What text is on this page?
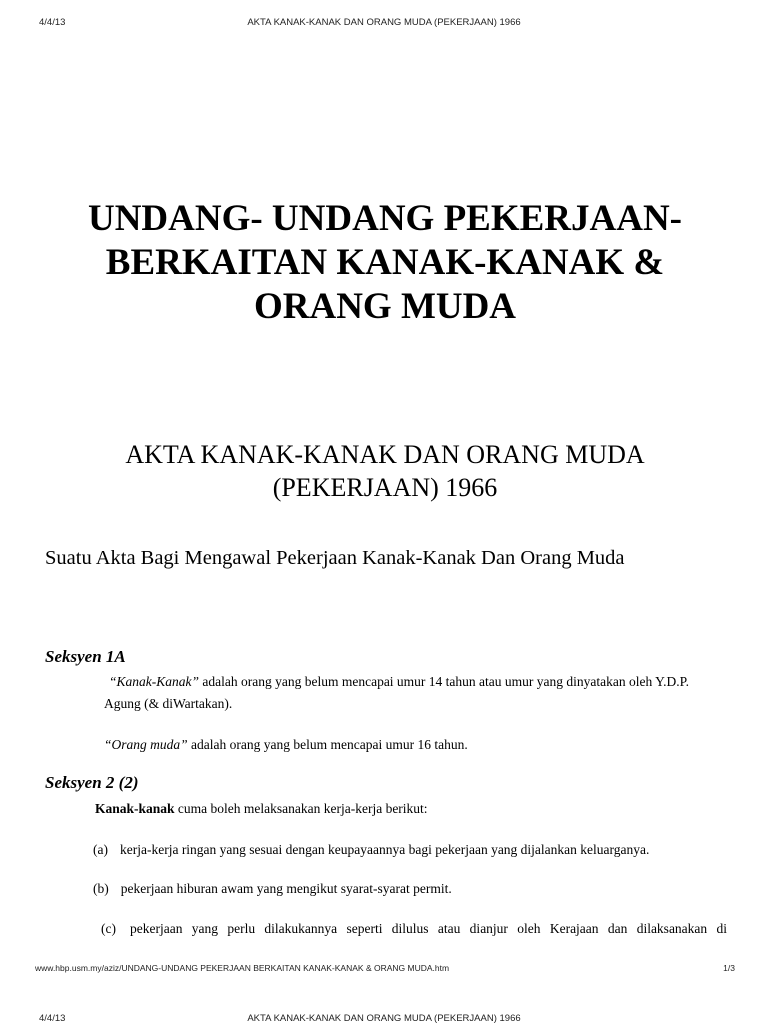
4/4/13	AKTA KANAK-KANAK DAN ORANG MUDA (PEKERJAAN) 1966
UNDANG- UNDANG PEKERJAAN-
BERKAITAN KANAK-KANAK &
ORANG MUDA
AKTA KANAK-KANAK DAN ORANG MUDA
(PEKERJAAN) 1966
Suatu Akta Bagi Mengawal Pekerjaan Kanak-Kanak Dan Orang Muda
Seksyen 1A
“Kanak-Kanak” adalah orang yang belum mencapai umur 14 tahun atau umur yang dinyatakan oleh Y.D.P. Agung (& diWartakan).
“Orang muda” adalah orang yang belum mencapai umur 16 tahun.
Seksyen 2 (2)
Kanak-kanak cuma boleh melaksanakan kerja-kerja berikut:
(a) kerja-kerja ringan yang sesuai dengan keupayaannya bagi pekerjaan yang dijalankan keluarganya.
(b) pekerjaan hiburan awam yang mengikut syarat-syarat permit.
(c) pekerjaan yang perlu dilakukannya seperti dilulus atau dianjur oleh Kerajaan dan dilaksanakan di
www.hbp.usm.my/aziz/UNDANG-UNDANG PEKERJAAN BERKAITAN KANAK-KANAK & ORANG MUDA.htm	1/3
4/4/13	AKTA KANAK-KANAK DAN ORANG MUDA (PEKERJAAN) 1966
